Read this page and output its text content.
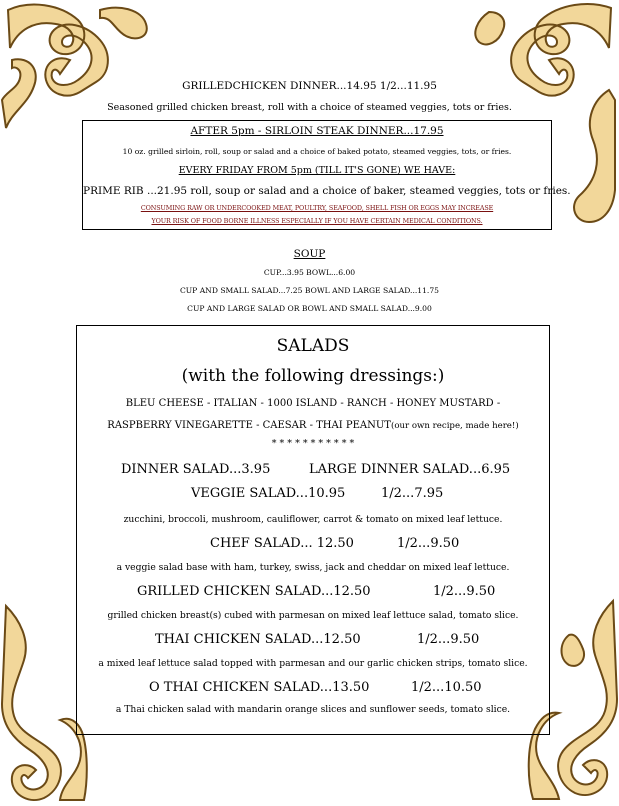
GRILLEDCHICKEN DINNER...14.95 1/2...11.95
Seasoned grilled chicken breast, roll with a choice of steamed veggies, tots or fries.
AFTER 5pm - SIRLOIN STEAK DINNER...17.95
10 oz. grilled sirloin, roll, soup or salad and a choice of baked potato, steamed veggies, tots, or fries.
EVERY FRIDAY FROM 5pm (TILL IT'S GONE) WE HAVE:
PRIME RIB ...21.95 roll, soup or salad and a choice of baker, steamed veggies, tots or fries.
CONSUMING RAW OR UNDERCOOKED MEAT, POULTRY, SEAFOOD, SHELL FISH OR EGGS MAY INCREASE
YOUR RISK OF FOOD BORNE ILLNESS ESPECIALLY IF YOU HAVE CERTAIN MEDICAL CONDITIONS.
SOUP
CUP...3.95 BOWL...6.00
CUP AND SMALL SALAD...7.25 BOWL AND LARGE SALAD...11.75
CUP AND LARGE SALAD OR BOWL AND SMALL SALAD...9.00
SALADS
(with the following dressings:)
BLEU CHEESE - ITALIAN - 1000 ISLAND - RANCH - HONEY MUSTARD -
RASPBERRY VINEGARETTE - CAESAR - THAI PEANUT(our own recipe, made here!)
* * * * * * * * * * *
DINNER SALAD...3.95	LARGE DINNER SALAD...6.95
VEGGIE SALAD...10.95	1/2...7.95
zucchini, broccoli, mushroom, cauliflower, carrot & tomato on mixed leaf lettuce.
CHEF SALAD... 12.50	1/2...9.50
a veggie salad base with ham, turkey, swiss, jack and cheddar on mixed leaf lettuce.
GRILLED CHICKEN SALAD...12.50	1/2...9.50
grilled chicken breast(s) cubed with parmesan on mixed leaf lettuce salad, tomato slice.
THAI CHICKEN SALAD...12.50	1/2...9.50
a mixed leaf lettuce salad topped with parmesan and our garlic chicken strips, tomato slice.
O THAI CHICKEN SALAD...13.50	1/2...10.50
a Thai chicken salad with mandarin orange slices and sunflower seeds, tomato slice.
